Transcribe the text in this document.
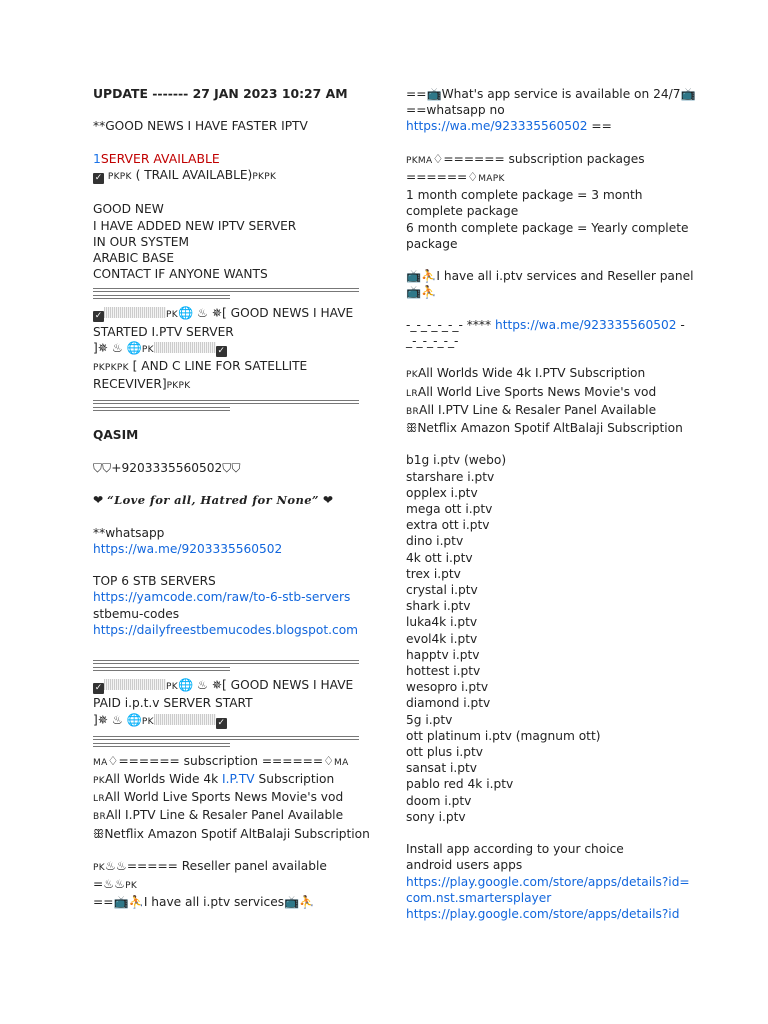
UPDATE ------- 27 JAN 2023 10:27 AM
**GOOD NEWS I HAVE FASTER IPTV
1SERVER AVAILABLE
✓ PKPK ( TRAIL AVAILABLE)PKPK
GOOD NEW
I HAVE ADDED NEW IPTV SERVER
IN OUR SYSTEM
ARABIC BASE
CONTACT IF ANYONE WANTS
✓	PK🌐 ♨ ✵[ GOOD NEWS I HAVE STARTED I.PTV SERVER
]✵ ♨ 🌐PK	✓
PKPKPK [ AND C LINE FOR SATELLITE RECEVIVER]PKPK
QASIM
⛉⛉+9203335560502⛉⛉
❤ “Love for all, Hatred for None” ❤
**whatsapp
https://wa.me/9203335560502
TOP 6 STB SERVERS
https://yamcode.com/raw/to-6-stb-servers
stbemu-codes
https://dailyfreestbemucodes.blogspot.com
✓	PK🌐 ♨ ✵[ GOOD NEWS I HAVE PAID i.p.t.v SERVER START
]✵ ♨ 🌐PK	✓
MA♢====== subscription ======♢MA
PKAll Worlds Wide 4k I.P.TV Subscription
LRAll World Live Sports News Movie's vod
BRAll I.PTV Line & Resaler Panel Available
ꕥNetflix Amazon Spotif AltBalaji Subscription
PK♨♨===== Reseller panel available
=♨♨PK
==📺⛹I have all i.ptv services📺⛹
==📺What's app service is available on 24/7📺
==whatsapp no
https://wa.me/923335560502 ==
PKMA♢====== subscription packages
======♢MAPK
1 month complete package = 3 month complete package
6 month complete package = Yearly complete package
📺⛹I have all i.ptv services and Reseller panel📺⛹
-_-_-_-_-_- **** https://wa.me/923335560502 -
_-_-_-_-_-
PKAll Worlds Wide 4k I.PTV Subscription
LRAll World Live Sports News Movie's vod
BRAll I.PTV Line & Resaler Panel Available
ꕥNetflix Amazon Spotif AltBalaji Subscription
b1g i.ptv (webo)
starshare i.ptv
opplex i.ptv
mega ott i.ptv
extra ott i.ptv
dino i.ptv
4k ott i.ptv
trex i.ptv
crystal i.ptv
shark i.ptv
luka4k i.ptv
evol4k i.ptv
happtv i.ptv
hottest i.ptv
wesopro i.ptv
diamond i.ptv
5g i.ptv
ott platinum i.ptv (magnum ott)
ott plus i.ptv
sansat i.ptv
pablo red 4k i.ptv
doom i.ptv
sony i.ptv
Install app according to your choice
android users apps
https://play.google.com/store/apps/details?id=com.nst.smartersplayer
https://play.google.com/store/apps/details?id
